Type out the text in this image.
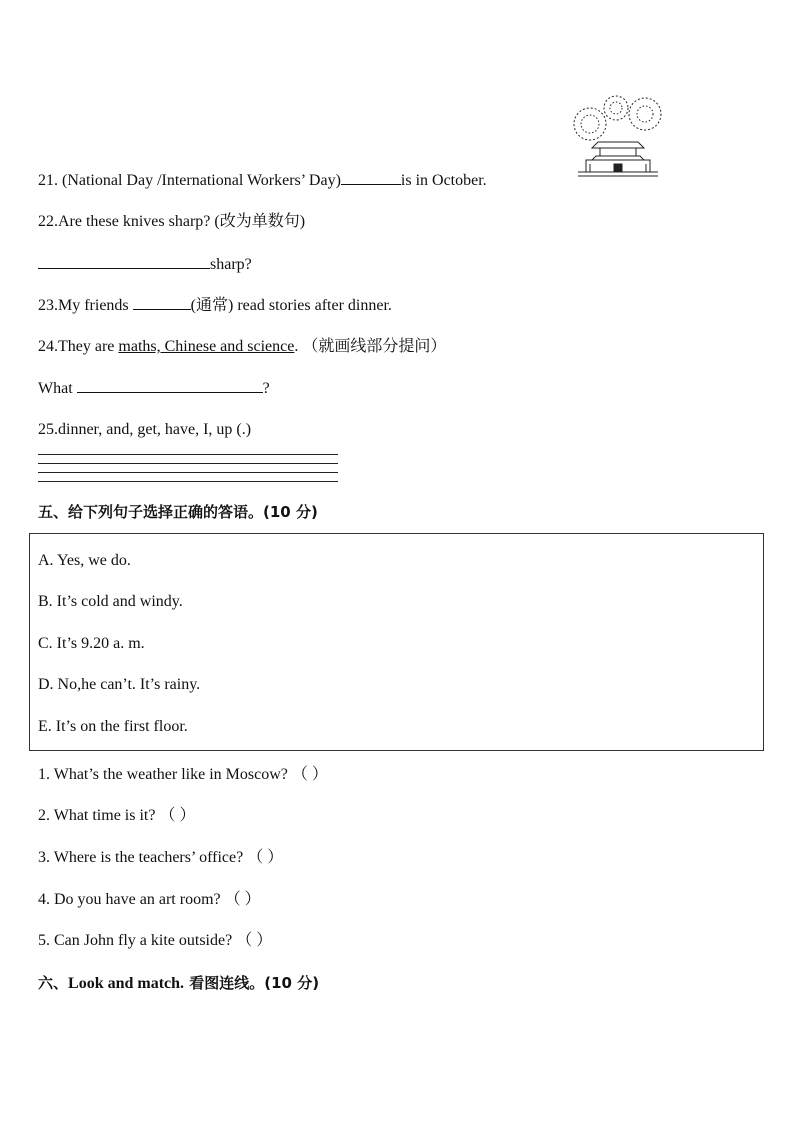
21. (National Day /International Workers’ Day)	is in October.
22.Are these knives sharp? (改为单数句)
sharp?
23.My friends	(通常) read stories after dinner.
24.They are maths, Chinese and science. （就画线部分提问）
What	?
25.dinner, and, get, have, I, up (.)
五、给下列句子选择正确的答语。(10 分)
A. Yes, we do.
B. It’s cold and windy.
C. It’s 9.20 a. m.
D. No,he can’t. It’s rainy.
E. It’s on the first floor.
1. What’s the weather like in Moscow? （ ）
2. What time is it? （ ）
3. Where is the teachers’ office? （ ）
4. Do you have an art room? （ ）
5. Can John fly a kite outside? （ ）
六、Look and match. 看图连线。(10 分)
